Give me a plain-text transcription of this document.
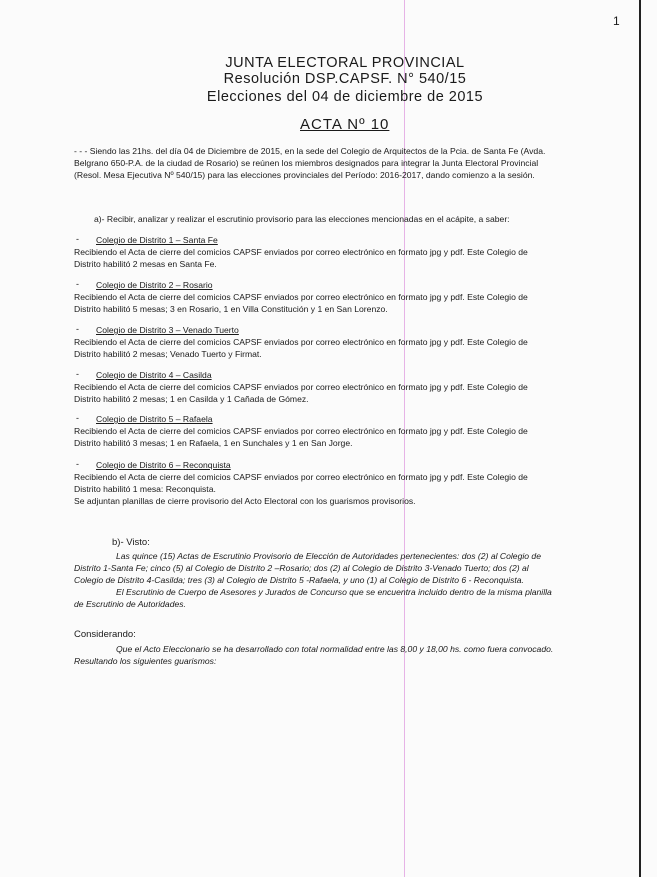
1
JUNTA ELECTORAL PROVINCIAL
Resolución DSP.CAPSF. N° 540/15
Elecciones del 04 de diciembre de 2015
ACTA Nº 10
- - - Siendo las 21hs. del día 04 de Diciembre de 2015, en la sede del Colegio de Arquitectos de la Pcia. de Santa Fe (Avda.
Belgrano 650-P.A. de la ciudad de Rosario) se reúnen los miembros designados para integrar la Junta Electoral Provincial
(Resol. Mesa Ejecutiva Nº 540/15) para las elecciones provinciales del Período: 2016-2017, dando comienzo a la sesión.
a)- Recibir, analizar y realizar el escrutinio provisorio para las elecciones mencionadas en el acápite, a saber:
- Colegio de Distrito 1 – Santa Fe
Recibiendo el Acta de cierre del comicios CAPSF enviados por correo electrónico en formato jpg y pdf. Este Colegio de
Distrito habilitó 2 mesas en Santa Fe.
- Colegio de Distrito 2 – Rosario
Recibiendo el Acta de cierre del comicios CAPSF enviados por correo electrónico en formato jpg y pdf. Este Colegio de
Distrito habilitó 5 mesas; 3 en Rosario, 1 en Villa Constitución y 1 en San Lorenzo.
- Colegio de Distrito 3 – Venado Tuerto
Recibiendo el Acta de cierre del comicios CAPSF enviados por correo electrónico en formato jpg y pdf. Este Colegio de
Distrito habilitó 2 mesas; Venado Tuerto y Firmat.
- Colegio de Distrito 4 – Casilda
Recibiendo el Acta de cierre del comicios CAPSF enviados por correo electrónico en formato jpg y pdf. Este Colegio de
Distrito habilitó 2 mesas; 1 en Casilda y 1 Cañada de Gómez.
- Colegio de Distrito 5 – Rafaela
Recibiendo el Acta de cierre del comicios CAPSF enviados por correo electrónico en formato jpg y pdf. Este Colegio de
Distrito habilitó 3 mesas; 1 en Rafaela, 1 en Sunchales y 1 en San Jorge.
- Colegio de Distrito 6 – Reconquista
Recibiendo el Acta de cierre del comicios CAPSF enviados por correo electrónico en formato jpg y pdf. Este Colegio de
Distrito habilitó 1 mesa: Reconquista.
Se adjuntan planillas de cierre provisorio del Acto Electoral con los guarismos provisorios.
b)- Visto:
Las quince (15) Actas de Escrutinio Provisorio de Elección de Autoridades pertenecientes: dos (2) al Colegio de
Distrito 1-Santa Fe; cinco (5) al Colegio de Distrito 2 –Rosario; dos (2) al Colegio de Distrito 3-Venado Tuerto; dos (2) al
Colegio de Distrito 4-Casilda; tres (3) al Colegio de Distrito 5 -Rafaela, y uno (1) al Colegio de Distrito 6 - Reconquista.
El Escrutinio de Cuerpo de Asesores y Jurados de Concurso que se encuentra incluido dentro de la misma planilla
de Escrutinio de Autoridades.
Considerando:
Que el Acto Eleccionario se ha desarrollado con total normalidad entre las 8,00 y 18,00 hs. como fuera convocado.
Resultando los siguientes guarismos:
